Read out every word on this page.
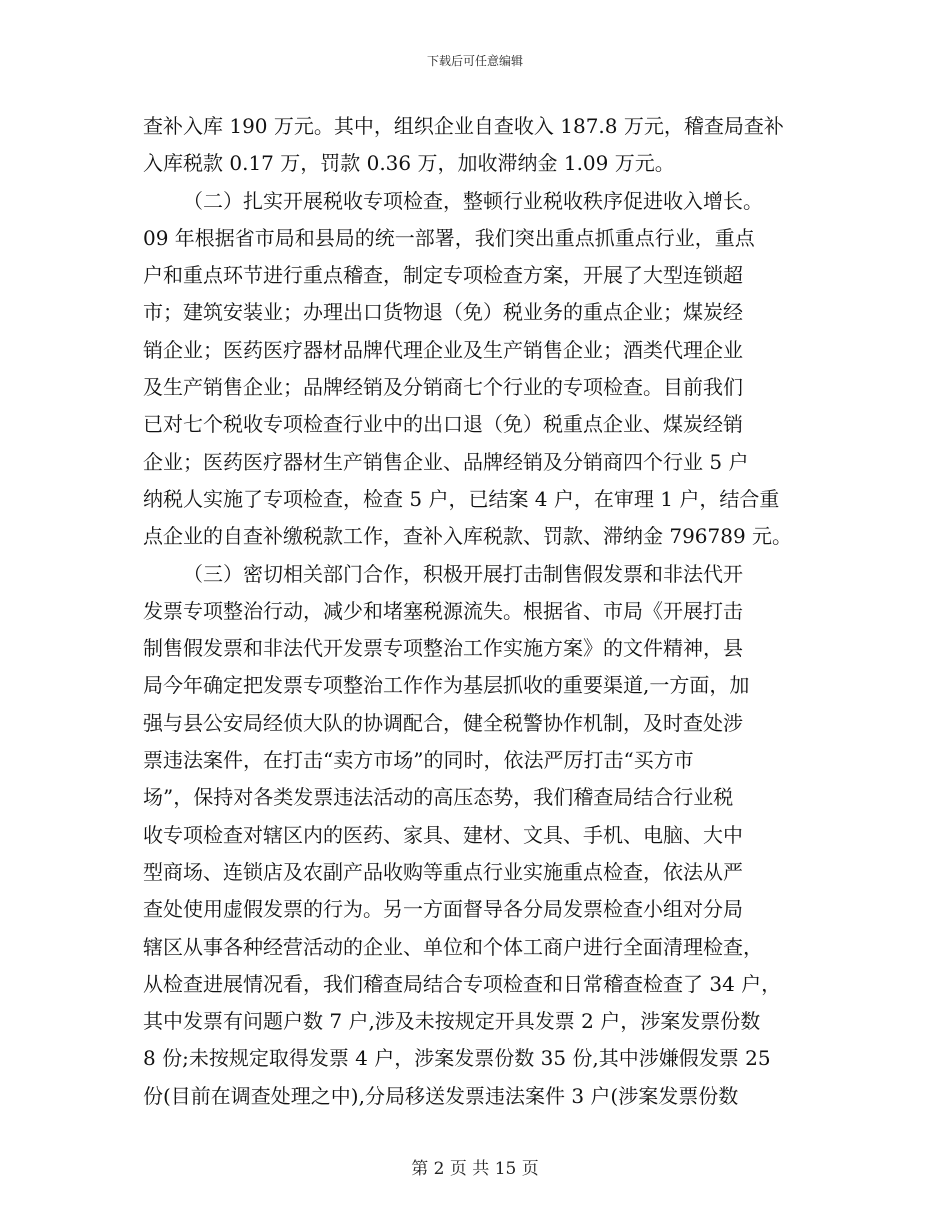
下载后可任意编辑
查补入库 190 万元。其中，组织企业自查收入 187.8 万元，稽查局查补
入库税款 0.17 万，罚款 0.36 万，加收滞纳金 1.09 万元。
（二）扎实开展税收专项检查，整顿行业税收秩序促进收入增长。
09 年根据省市局和县局的统一部署，我们突出重点抓重点行业，重点
户和重点环节进行重点稽查，制定专项检查方案，开展了大型连锁超
市；建筑安装业；办理出口货物退（免）税业务的重点企业；煤炭经
销企业；医药医疗器材品牌代理企业及生产销售企业；酒类代理企业
及生产销售企业；品牌经销及分销商七个行业的专项检查。目前我们
已对七个税收专项检查行业中的出口退（免）税重点企业、煤炭经销
企业；医药医疗器材生产销售企业、品牌经销及分销商四个行业 5 户
纳税人实施了专项检查，检查 5 户，已结案 4 户，在审理 1 户，结合重
点企业的自查补缴税款工作，查补入库税款、罚款、滞纳金 796789 元。
（三）密切相关部门合作，积极开展打击制售假发票和非法代开
发票专项整治行动，减少和堵塞税源流失。根据省、市局《开展打击
制售假发票和非法代开发票专项整治工作实施方案》的文件精神，县
局今年确定把发票专项整治工作作为基层抓收的重要渠道,一方面，加
强与县公安局经侦大队的协调配合，健全税警协作机制，及时查处涉
票违法案件，在打击“卖方市场”的同时，依法严厉打击“买方市
场”，保持对各类发票违法活动的高压态势，我们稽查局结合行业税
收专项检查对辖区内的医药、家具、建材、文具、手机、电脑、大中
型商场、连锁店及农副产品收购等重点行业实施重点检查，依法从严
查处使用虚假发票的行为。另一方面督导各分局发票检查小组对分局
辖区从事各种经营活动的企业、单位和个体工商户进行全面清理检查，
从检查进展情况看，我们稽查局结合专项检查和日常稽查检查了 34 户，
其中发票有问题户数 7 户,涉及未按规定开具发票 2 户，涉案发票份数
8 份;未按规定取得发票 4 户，涉案发票份数 35 份,其中涉嫌假发票 25
份(目前在调查处理之中),分局移送发票违法案件 3 户(涉案发票份数
第 2 页 共 15 页
